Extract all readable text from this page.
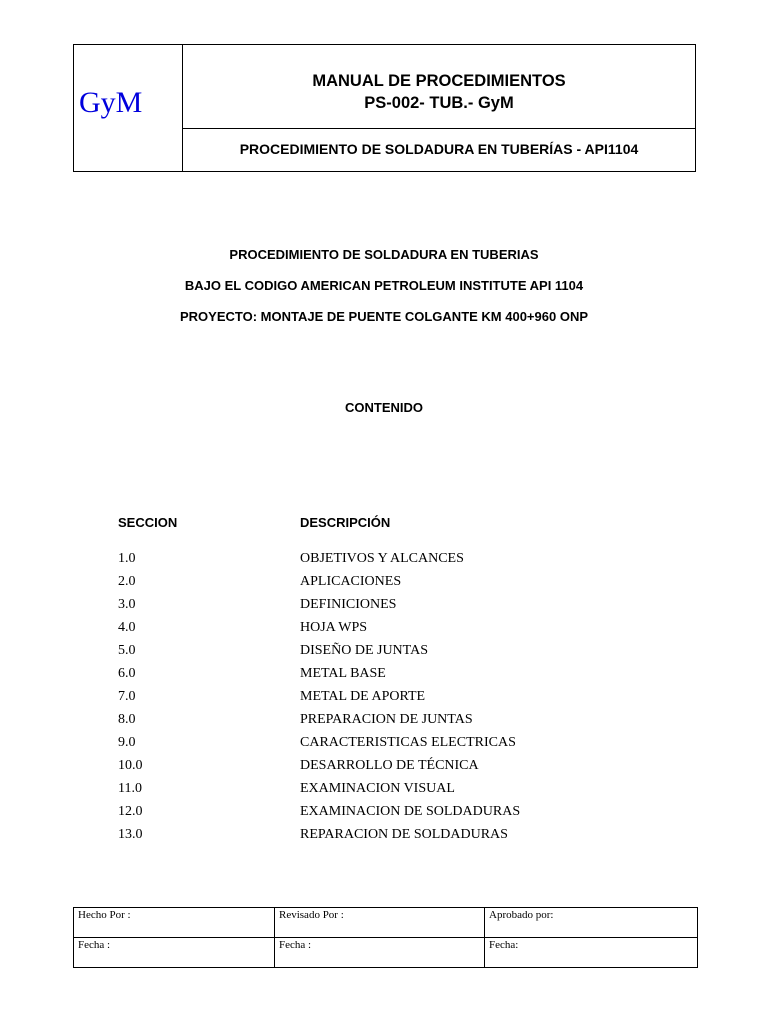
GyM
MANUAL DE PROCEDIMIENTOS
PS-002- TUB.- GyM
PROCEDIMIENTO DE SOLDADURA EN TUBERÍAS - API1104
PROCEDIMIENTO DE SOLDADURA EN TUBERIAS
BAJO EL CODIGO AMERICAN PETROLEUM INSTITUTE API 1104
PROYECTO: MONTAJE DE PUENTE COLGANTE KM 400+960 ONP
CONTENIDO
SECCION	DESCRIPCIÓN
1.0	OBJETIVOS Y ALCANCES
2.0	APLICACIONES
3.0	DEFINICIONES
4.0	HOJA WPS
5.0	DISEÑO DE JUNTAS
6.0	METAL BASE
7.0	METAL DE APORTE
8.0	PREPARACION DE JUNTAS
9.0	CARACTERISTICAS ELECTRICAS
10.0	DESARROLLO DE TÉCNICA
11.0	EXAMINACION VISUAL
12.0	EXAMINACION DE SOLDADURAS
13.0	REPARACION DE SOLDADURAS
Hecho Por :	Revisado Por :	Aprobado por:
Fecha :	Fecha :	Fecha:
